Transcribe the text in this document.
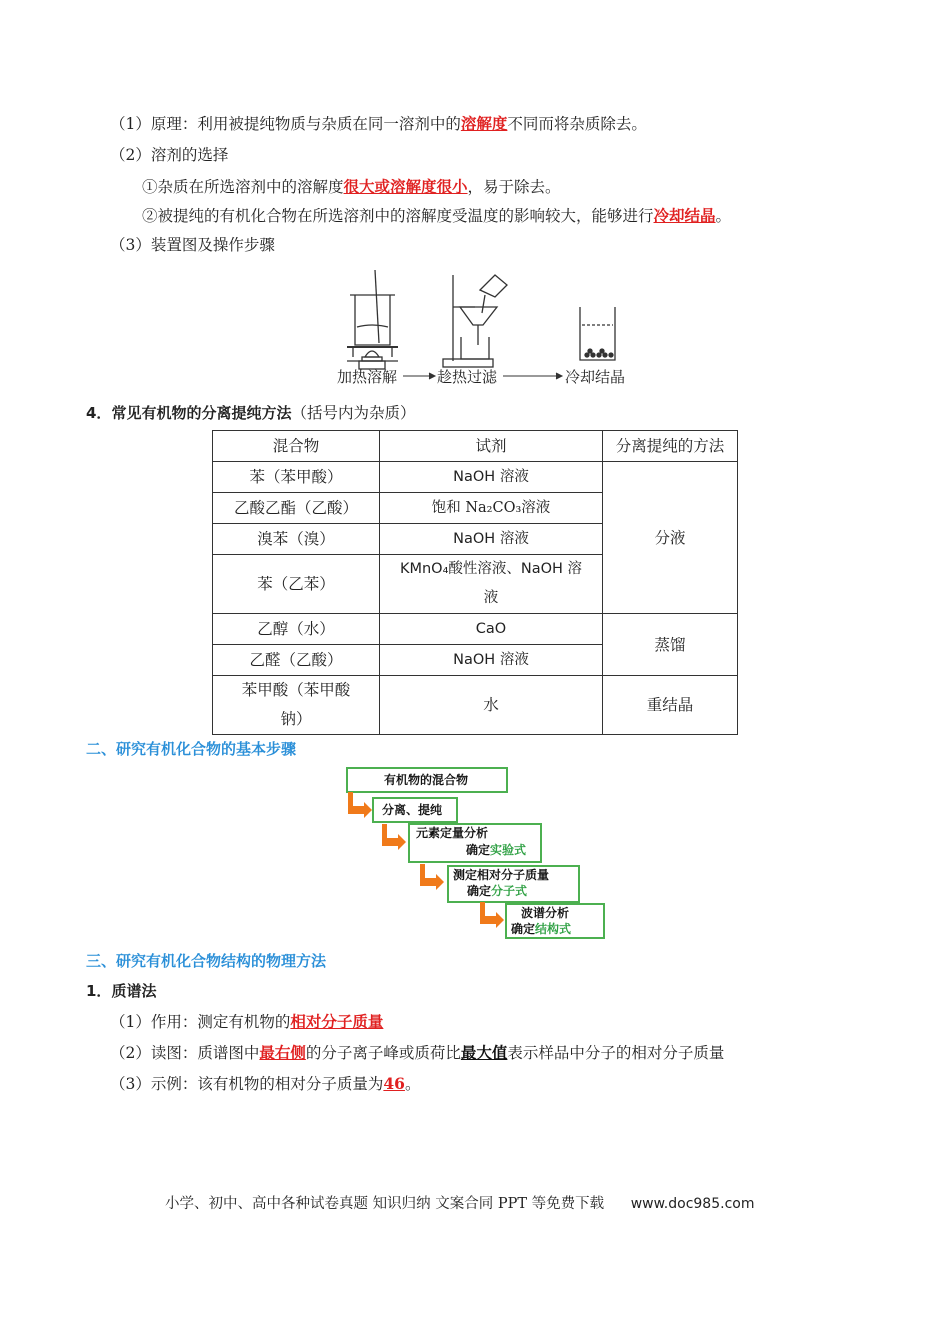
（1）原理：利用被提纯物质与杂质在同一溶剂中的溶解度不同而将杂质除去。
（2）溶剂的选择
①杂质在所选溶剂中的溶解度很大或溶解度很小，易于除去。
②被提纯的有机化合物在所选溶剂中的溶解度受温度的影响较大，能够进行冷却结晶。
（3）装置图及操作步骤
加热溶解	趁热过滤	冷却结晶
4．常见有机物的分离提纯方法（括号内为杂质）
混合物	试剂	分离提纯的方法
苯（苯甲酸）	NaOH 溶液	分液
乙酸乙酯（乙酸）	饱和 Na₂CO₃溶液	
溴苯（溴）	NaOH 溶液	
苯（乙苯）	KMnO₄酸性溶液、NaOH 溶
液	

乙醇（水）	CaO	蒸馏
乙醛（乙酸）	NaOH 溶液	

苯甲酸（苯甲酸
钠）	水	重结晶
二、研究有机化合物的基本步骤
有机物的混合物
分离、提纯
元素定量分析
确定实验式
测定相对分子质量
确定分子式
波谱分析
确定结构式
三、研究有机化合物结构的物理方法
1．质谱法
（1）作用：测定有机物的相对分子质量
（2）读图：质谱图中最右侧的分子离子峰或质荷比最大值表示样品中分子的相对分子质量
（3）示例：该有机物的相对分子质量为46。
小学、初中、高中各种试卷真题 知识归纳 文案合同 PPT 等免费下载 www.doc985.com
